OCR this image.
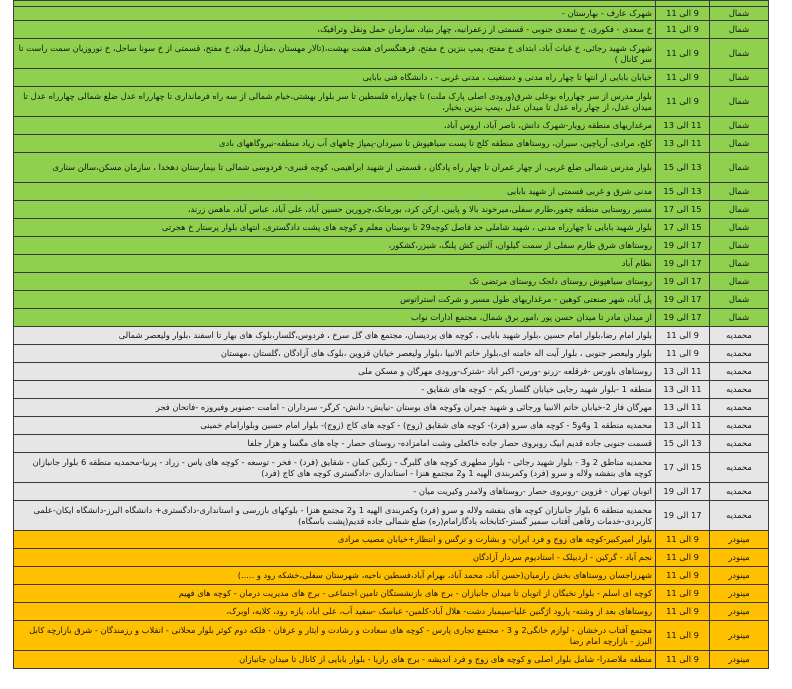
شمال	9 الی 11	شهرک عارف - بهارستان -
شمال	9 الی 11	خ سعدی - فکوری، خ سعدی جنوبی - قسمتی از زعفرانیه، چهار بنیاد، سازمان حمل ونقل وترافیک،
شمال	9 الی 11	شهرک شهید رجائی، خ غیاث آباد، ابتدای خ مفتح، پمپ بنزین خ مفتح، فرهنگسرای هشت بهشت،(تالار مهستان ،منازل میلاد، خ مفتح، قسمتی از خ سونا ساحل، خ نوروزیان سمت راست تا سر کانال )
شمال	9 الی 11	خیابان بابایی از انتها تا چهار راه مدنی و دستغیب ، مدنی غربی - ، دانشگاه فنی بابایی
شمال	9 الی 11	بلوار مدرس از سر چهارراه بوعلی شرق(ورودی اصلی پارک ملت) تا چهارراه فلسطین تا سر بلوار بهشتی،خیام شمالی از سه راه فرمانداری تا چهارراه عدل ضلع شمالی چهارراه عدل تا میدان عدل، از چهار راه عدل تا میدان عدل ،پمپ بنزین بخیار،
شمال	11 الی 13	مرغداریهای منطقه زویار-شهرک دانش، ناصر آباد، اروس آباد،
شمال	11 الی 13	کلج، مرادی، آرپاچین، سیران، روستاهای منطقه کلج تا پست سیاهپوش تا سیردان-پمپاژ چاههای آب زیاد منطقه-نیروگاههای بادی
شمال	13 الی 15	بلوار مدرس شمالی ضلع غربی، از چهار عمران تا چهار راه پادگان ، قسمتی از شهید ابراهیمی، کوچه قنبری- فردوسی شمالی تا بیمارستان دهخدا ، سازمان مسکن،سالن ستاری
شمال	13 الی 15	مدنی شرق و غربی قسمتی از شهید بابایی
شمال	15 الی 17	مسیر روستایی منطقه چفور،طارم سفلی،میرخوند بالا و پایین، ارکن کرد، بورمانک،چرورین حسین آباد، علی آباد، عباس آباد، ماهمن زرند،
شمال	15 الی 17	بلوار شهید بابایی تا چهارراه مدنی ، شهید شاملی حد فاصل کوچه29 تا بوستان معلم و کوچه های پشت دادگستری، انتهای بلوار پرستار خ هجرتی
شمال	17 الی 19	روستاهای شرق طارم سفلی از سمت گیلوان، آلتین کش پلنگ، شیزر،کشکور،
شمال	17 الی 19	نظام آباد
شمال	17 الی 19	روستای سیاهپوش روستای دلجک روستای مرتضی تک
شمال	17 الی 19	پل آباد، شهر صنعتی کوهین - مرغداریهای طول مسیر و شرکت استراتوس
شمال	17 الی 19	از میدان مادر تا میدان حسن پور ،امور برق شمال، مجتمع ادارات نواب
محمدیه	9 الی 11	بلوار امام رضا،بلوار امام حسین ،بلوار شهید بابایی ، کوچه های پردیسان، مجتمع های گل سرخ ، فردوس،گلسار،بلوک های بهار تا اسفند ،بلوار ولیعصر شمالی
محمدیه	9 الی 11	بلوار ولیعصر جنوبی ، بلوار آیت اله خامنه ای،بلوار خاتم الانبیا ،بلوار ولیعصر خیابان قزوین ،بلوک های آزادگان ،گلستان ،مهستان
محمدیه	11 الی 13	روستاهای باورس -فرقلعه -زرنو -ورس- اکبر اباد -شترک-ورودی مهرگان و مسکن ملی
محمدیه	11 الی 13	منطقه 1 -بلوار شهید رجایی خیابان گلسار یکم - کوچه های شقایق -
محمدیه	11 الی 13	مهرگان فاز 2-خیابان خاتم الانبیا ورجائی و شهید چمران وکوچه های بوستان -نیایش- دانش- کرگر- سرداران - امامت -صنوبر وفیروزه -فاتحان فجر
محمدیه	11 الی 13	محمدیه منطقه 1 و4و5 - کوچه های سرو (فرد)- کوچه های شقایق (زوج) - کوچه های کاج (زوج)- بلوار امام حسین وبلوارامام خمینی
محمدیه	13 الی 15	قسمت جنوبی جاده قدیم ابیک روبروی حصار جاده خاکعلی وشت امامزاده- روستای حصار - چاه های مگسا و هزار جلفا
محمدیه	15 الی 17	محمدیه مناطق 2 و3 - بلوار شهید رجائی - بلوار مطهری کوچه های گلبرگ - زنگین کمان - شقایق (فرد) - فخر - توسعه - کوچه های یاس - زراد - پرنیا-محمدیه منطقه 6 بلوار جانبازان کوچه های بنفشه ولاله و سرو (فرد) وکمربندی الهیه 1 و2 مجتمع هنزا - استانداری -دادگستری کوچه های کاج (فرد)
محمدیه	17 الی 19	اتوبان تهران - قزوین -روبروی حصار -روستاهای ولامدر وکیریت میان -
محمدیه	17 الی 19	محمدیه منطقه 6 بلوار جانبازان کوچه های بنفشه ولاله و سرو (فرد) وکمربندی الهیه 1 و2 مجتمع هنزا - بلوکهای بازرسی و استانداری-دادگستری+ دانشگاه البرز-دانشگاه ایکان-علمی کاربردی-خدمات رفاهی آفتاب سمیر گستر-کتابخانه یادگارامام(ره) ضلع شمالی جاده قدیم(پشت باسگاه)
مینودر	9 الی 11	بلوار امیرکبیر-کوچه های زوج و فرد ایران- و بشارت و نرگس و انتظار+خیابان مصیب مرادی
مینودر	9 الی 11	نجم آباد - گرکین - اردبیلک - استادیوم سردار آزادگان
مینودر	9 الی 11	شهرزاجسان روستاهای بخش رازمیان(حسن آباد، محمد آباد، بهرام آباد،فسطین ناحیه، شهرستان سفلی،خشکه رود و .....)
مینودر	9 الی 11	کوچه ای اسلم - بلوار نخبگان از اتوبان تا میدان جانبازان - برج های بازنشستگان تامین اجتماعی - برج های مدیریت درمان - کوچه های فهیم
مینودر	9 الی 11	روستاهای بعد از وشته- پارود اژگنین علیا-سیمبار دشت- هلال آباد-کلمین- عباسک -سفید آب، علی اباد، یازه رود، کلایه، اوبرک،
مینودر	9 الی 11	مجتمع آفتاب درخشان - لوازم خانگی2 و 3 - مجتمع تجاری پارس - کوچه های سعادت و رشادت و ایثار و عرفان - فلکه دوم کوثر بلوار محلاتی - انقلاب و رزمندگان - شرق بازارچه کابل البرز - بازارچه امام رضا
مینودر	9 الی 11	منطقه ملاصدرا- شامل بلوار اصلی و کوچه های زوج و فرد اندیشه - برج های رازیا - بلوار بابایی از کانال تا میدان جانبازان
